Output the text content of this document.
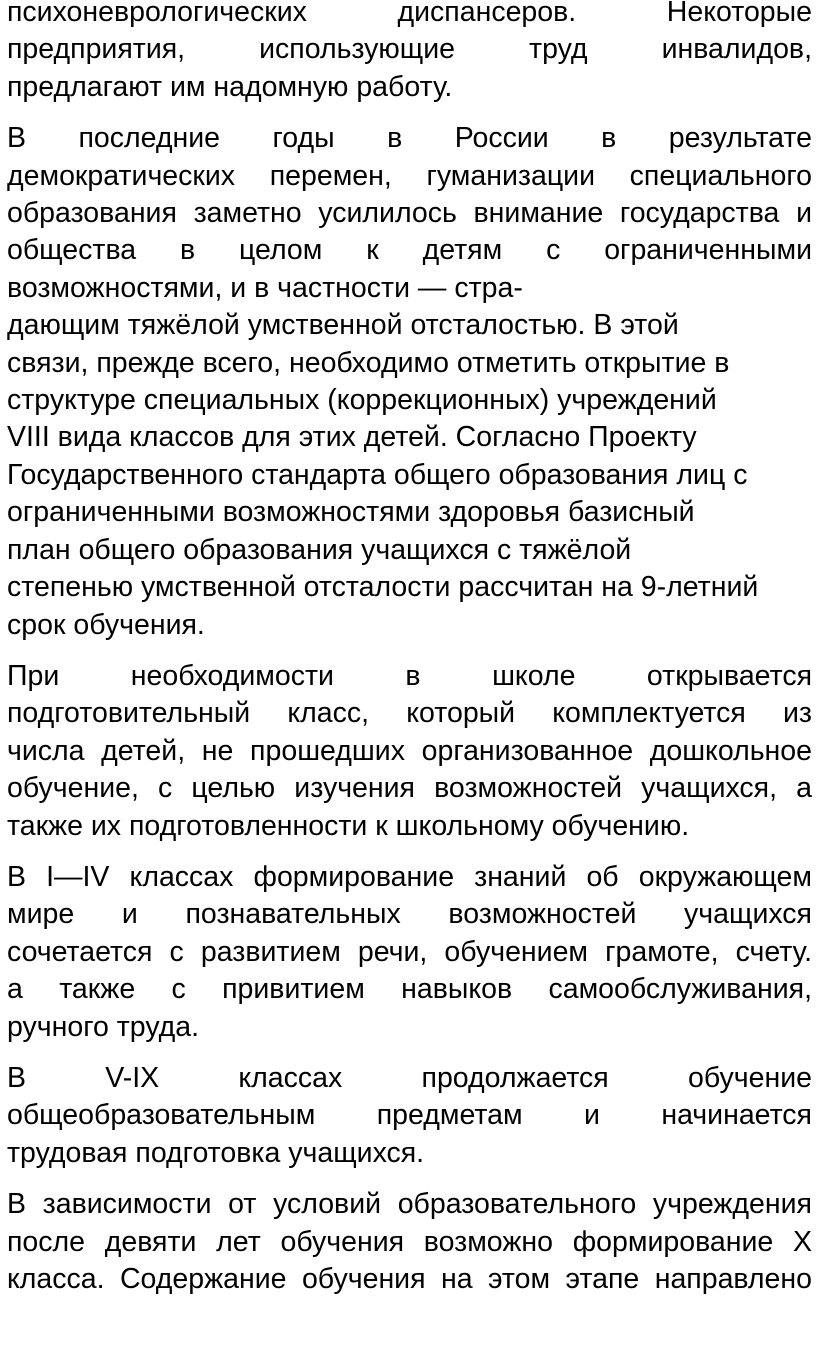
психоневрологических диспансеров. Некоторые
предприятия, использующие труд инвалидов,
предлагают им надомную работу.

В последние годы в России в результате
демократических перемен, гуманизации специального
образования заметно усилилось внимание государства и
общества в целом к детям с ограниченными
возможностями, и в частности — стра-
дающим тяжёлой умственной отсталостью. В этой
связи, прежде всего, необходимо отметить открытие в
структуре специальных (коррекционных) учреждений
VIII вида классов для этих детей. Согласно Проекту
Государственного стандарта общего образования лиц с
ограниченными возможностями здоровья базисный
план общего образования учащихся с тяжёлой
степенью умственной отсталости рассчитан на 9-летний
срок обучения.

При необходимости в школе открывается
подготовительный класс, который комплектуется из
числа детей, не прошедших организованное дошкольное
обучение, с целью изучения возможностей учащихся, а
также их подготовленности к школьному обучению.

В I—IV классах формирование знаний об окружающем
мире и познавательных возможностей учащихся
сочетается с развитием речи, обучением грамоте, счету.
а также с привитием навыков самообслуживания,
ручного труда.

В V-IX классах продолжается обучение
общеобразовательным предметам и начинается
трудовая подготовка учащихся.

В зависимости от условий образовательного учреждения
после девяти лет обучения возможно формирование X
класса. Содержание обучения на этом этапе направлено
